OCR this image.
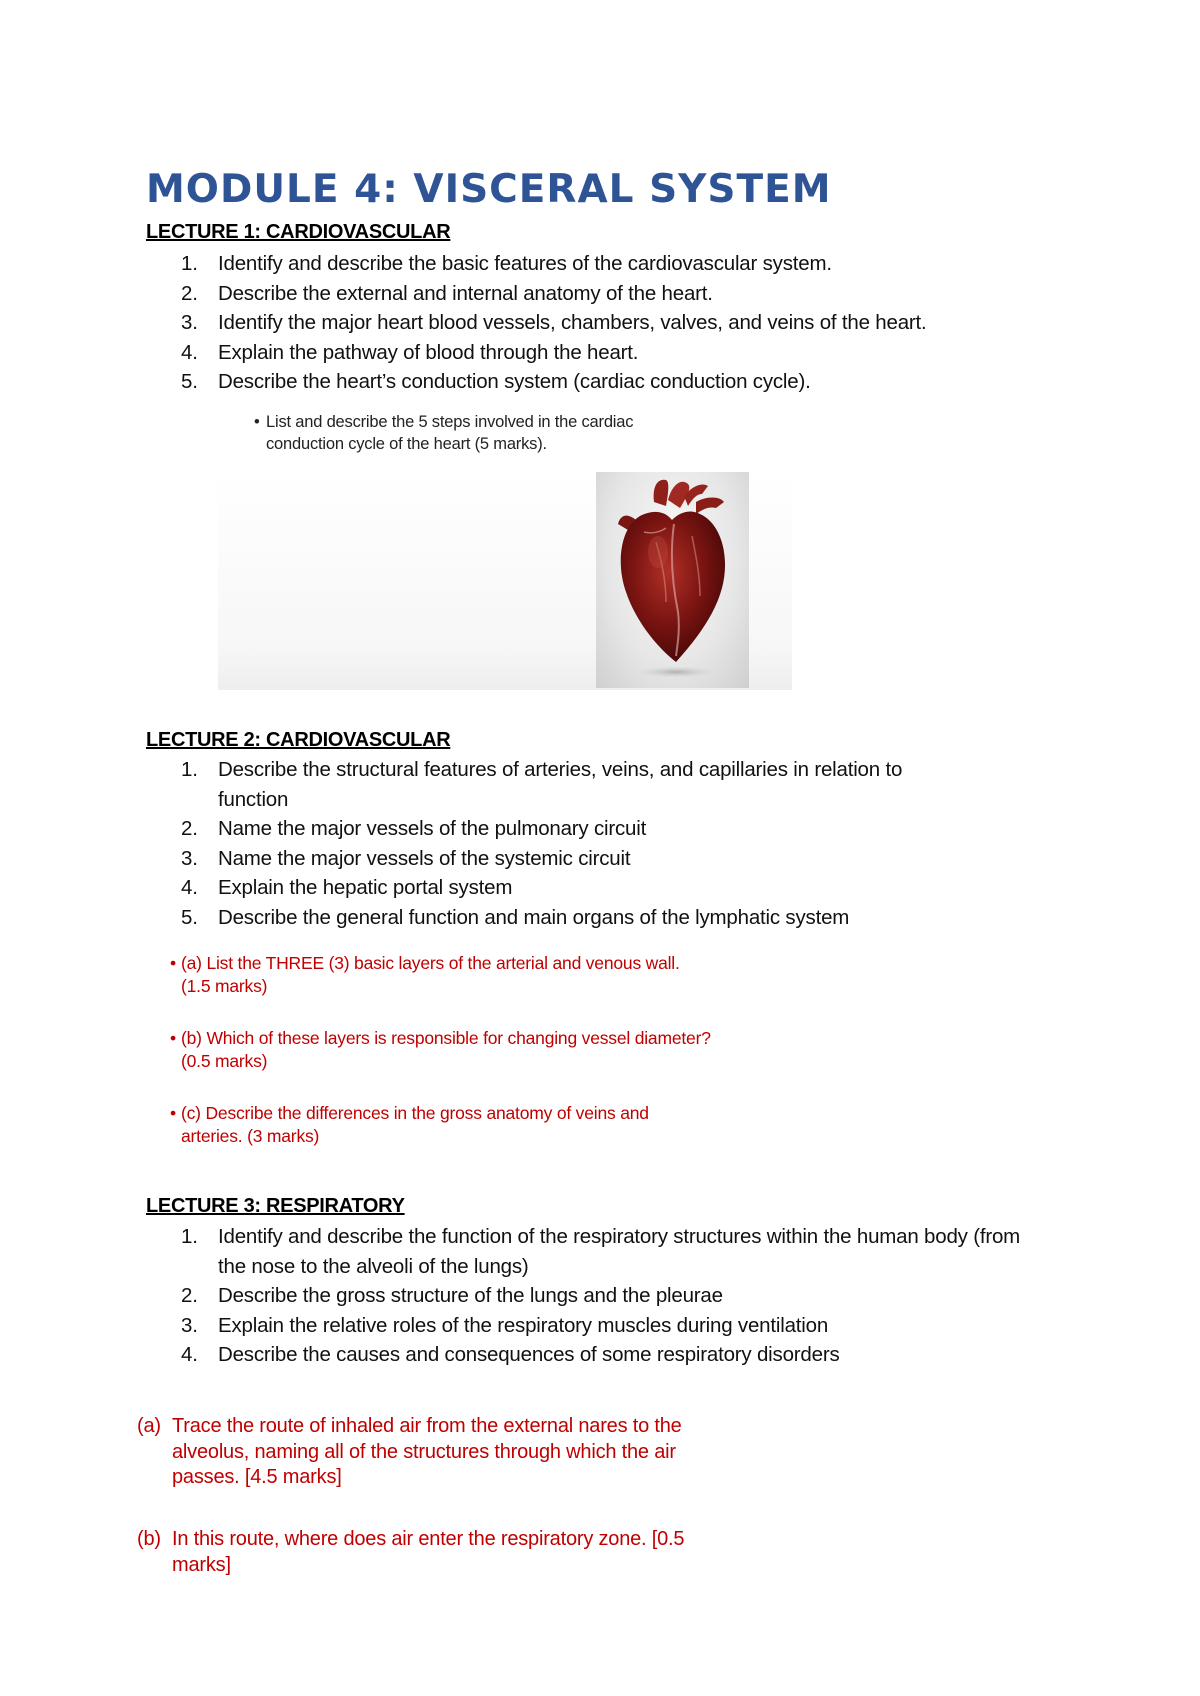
MODULE 4: VISCERAL SYSTEM
LECTURE 1: CARDIOVASCULAR
1. Identify and describe the basic features of the cardiovascular system.
2. Describe the external and internal anatomy of the heart.
3. Identify the major heart blood vessels, chambers, valves, and veins of the heart.
4. Explain the pathway of blood through the heart.
5. Describe the heart’s conduction system (cardiac conduction cycle).
• List and describe the 5 steps involved in the cardiac
conduction cycle of the heart (5 marks).
LECTURE 2: CARDIOVASCULAR
1. Describe the structural features of arteries, veins, and capillaries in relation to function
2. Name the major vessels of the pulmonary circuit
3. Name the major vessels of the systemic circuit
4. Explain the hepatic portal system
5. Describe the general function and main organs of the lymphatic system
• (a) List the THREE (3) basic layers of the arterial and venous wall.
(1.5 marks)
• (b) Which of these layers is responsible for changing vessel diameter?
(0.5 marks)
• (c) Describe the differences in the gross anatomy of veins and
arteries. (3 marks)
LECTURE 3: RESPIRATORY
1. Identify and describe the function of the respiratory structures within the human body (from the nose to the alveoli of the lungs)
2. Describe the gross structure of the lungs and the pleurae
3. Explain the relative roles of the respiratory muscles during ventilation
4. Describe the causes and consequences of some respiratory disorders
(a) Trace the route of inhaled air from the external nares to the alveolus, naming all of the structures through which the air passes. [4.5 marks]
(b) In this route, where does air enter the respiratory zone. [0.5 marks]
